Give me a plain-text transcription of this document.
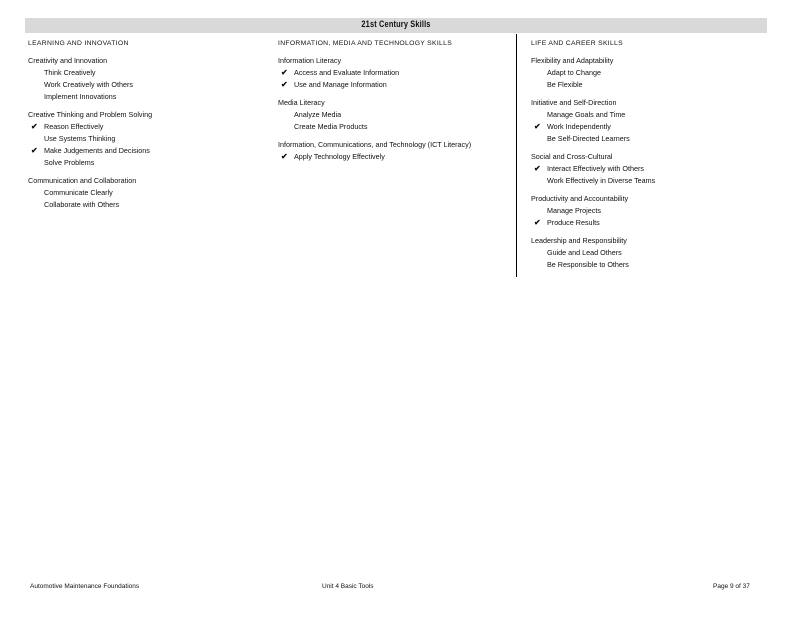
21st Century Skills
LEARNING AND INNOVATION
Creativity and Innovation
Think Creatively
Work Creatively with Others
Implement Innovations
Creative Thinking and Problem Solving
✔ Reason Effectively
Use Systems Thinking
✔ Make Judgements and Decisions
Solve Problems
Communication and Collaboration
Communicate Clearly
Collaborate with Others
INFORMATION, MEDIA AND TECHNOLOGY SKILLS
Information Literacy
✔ Access and Evaluate Information
✔ Use and Manage Information
Media Literacy
Analyze Media
Create Media Products
Information, Communications, and Technology (ICT Literacy)
✔ Apply Technology Effectively
LIFE AND CAREER SKILLS
Flexibility and Adaptability
Adapt to Change
Be Flexible
Initiative and Self-Direction
Manage Goals and Time
✔ Work Independently
Be Self-Directed Learners
Social and Cross-Cultural
✔ Interact Effectively with Others
Work Effectively in Diverse Teams
Productivity and Accountability
Manage Projects
✔ Produce Results
Leadership and Responsibility
Guide and Lead Others
Be Responsible to Others
Automotive Maintenance Foundations	Unit 4 Basic Tools	Page 9 of 37
